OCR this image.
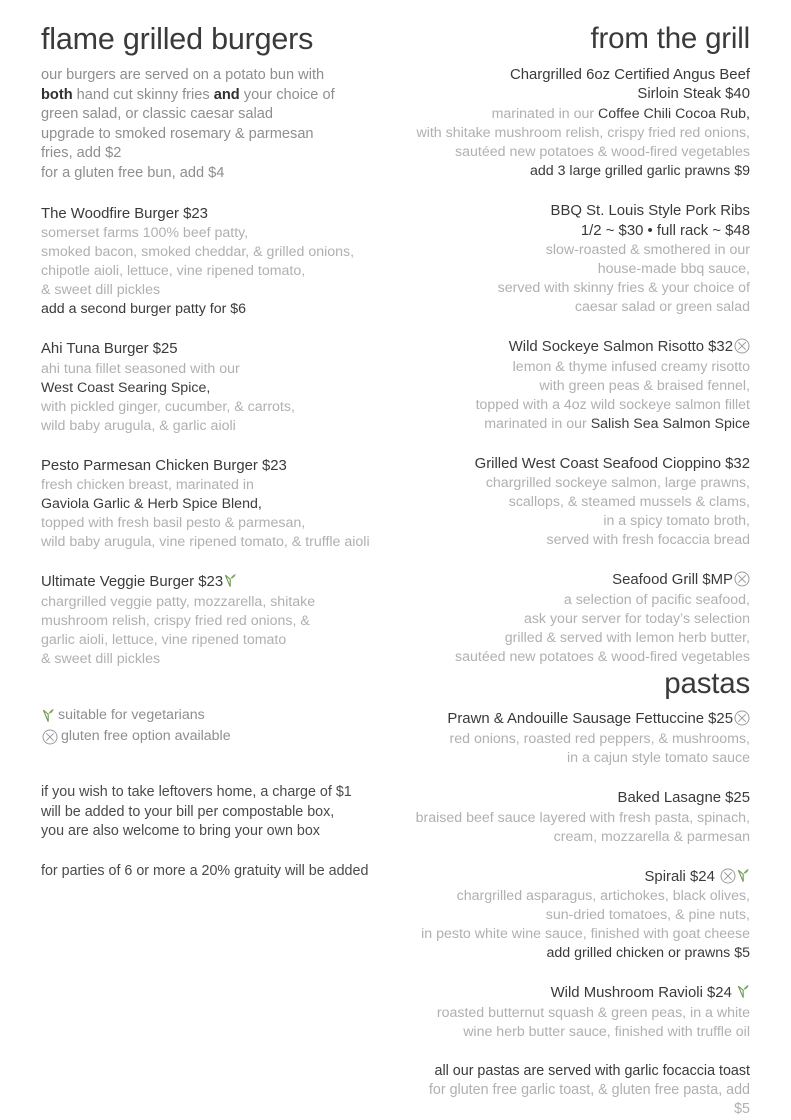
flame grilled burgers
our burgers are served on a potato bun with
both hand cut skinny fries and your choice of
green salad, or classic caesar salad
upgrade to smoked rosemary & parmesan
fries, add $2
for a gluten free bun, add $4
The Woodfire Burger $23
somerset farms 100% beef patty,
smoked bacon, smoked cheddar, & grilled onions,
chipotle aioli, lettuce, vine ripened tomato,
& sweet dill pickles
add a second burger patty for $6
Ahi Tuna Burger $25
ahi tuna fillet seasoned with our
West Coast Searing Spice,
with pickled ginger, cucumber, & carrots,
wild baby arugula, & garlic aioli
Pesto Parmesan Chicken Burger $23
fresh chicken breast, marinated in
Gaviola Garlic & Herb Spice Blend,
topped with fresh basil pesto & parmesan,
wild baby arugula, vine ripened tomato, & truffle aioli
Ultimate Veggie Burger $23
chargrilled veggie patty, mozzarella, shitake
mushroom relish, crispy fried red onions, &
garlic aioli, lettuce, vine ripened tomato
& sweet dill pickles
suitable for vegetarians
gluten free option available
if you wish to take leftovers home, a charge of $1
will be added to your bill per compostable box,
you are also welcome to bring your own box
for parties of 6 or more a 20% gratuity will be added
from the grill
Chargrilled 6oz Certified Angus Beef
Sirloin Steak $40
marinated in our Coffee Chili Cocoa Rub,
with shitake mushroom relish, crispy fried red onions,
sautéed new potatoes & wood-fired vegetables
add 3 large grilled garlic prawns $9
BBQ St. Louis Style Pork Ribs
1/2 ~ $30 • full rack ~ $48
slow-roasted & smothered in our
house-made bbq sauce,
served with skinny fries & your choice of
caesar salad or green salad
Wild Sockeye Salmon Risotto $32
lemon & thyme infused creamy risotto
with green peas & braised fennel,
topped with a 4oz wild sockeye salmon fillet
marinated in our Salish Sea Salmon Spice
Grilled West Coast Seafood Cioppino $32
chargrilled sockeye salmon, large prawns,
scallops, & steamed mussels & clams,
in a spicy tomato broth,
served with fresh focaccia bread
Seafood Grill $MP
a selection of pacific seafood,
ask your server for today’s selection
grilled & served with lemon herb butter,
sautéed new potatoes & wood-fired vegetables
pastas
Prawn & Andouille Sausage Fettuccine $25
red onions, roasted red peppers, & mushrooms,
in a cajun style tomato sauce
Baked Lasagne $25
braised beef sauce layered with fresh pasta, spinach,
cream, mozzarella & parmesan
Spirali $24
chargrilled asparagus, artichokes, black olives,
sun-dried tomatoes, & pine nuts,
in pesto white wine sauce, finished with goat cheese
add grilled chicken or prawns $5
Wild Mushroom Ravioli $24
roasted butternut squash & green peas, in a white
wine herb butter sauce, finished with truffle oil
all our pastas are served with garlic focaccia toast
for gluten free garlic toast, & gluten free pasta, add $5
